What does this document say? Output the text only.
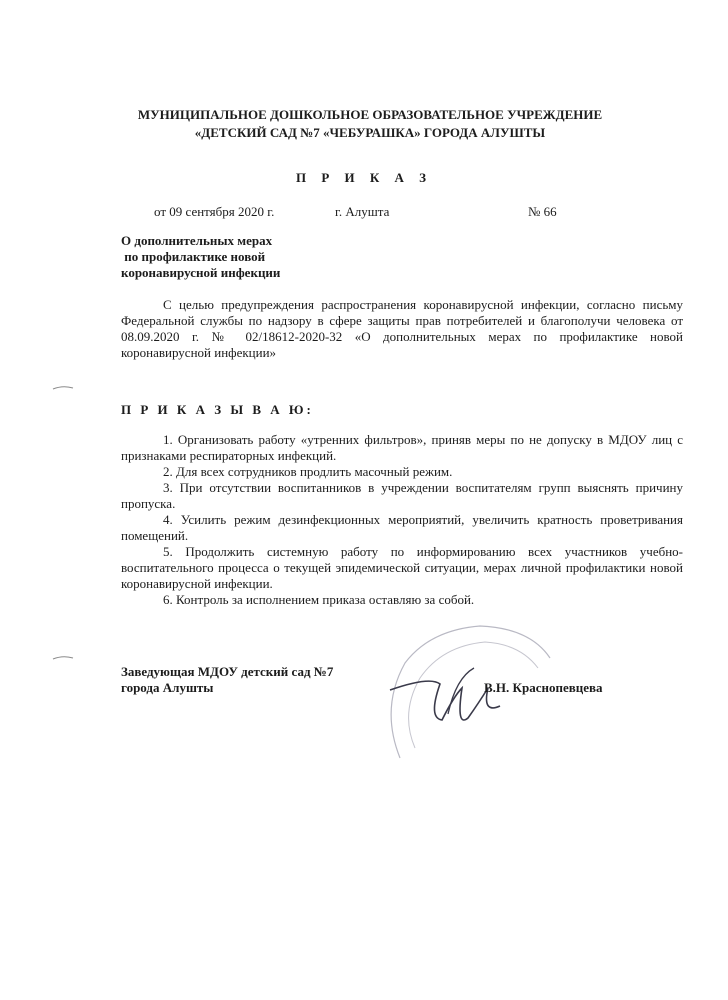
МУНИЦИПАЛЬНОЕ ДОШКОЛЬНОЕ ОБРАЗОВАТЕЛЬНОЕ УЧРЕЖДЕНИЕ
«ДЕТСКИЙ САД №7 «ЧЕБУРАШКА» ГОРОДА АЛУШТЫ
П Р И К А З
от 09 сентября 2020 г.	г. Алушта	№ 66
О дополнительных мерах
по профилактике новой
коронавирусной инфекции

С целью предупреждения распространения коронавирусной инфекции, согласно письму Федеральной службы по надзору в сфере защиты прав потребителей и благополучи человека от 08.09.2020 г. № 02/18612-2020-32 «О дополнительных мерах по профилактике новой коронавирусной инфекции»

П Р И К А З Ы В А Ю:

1. Организовать работу «утренних фильтров», приняв меры по не допуску в МДОУ лиц с признаками респираторных инфекций.

2. Для всех сотрудников продлить масочный режим.

3. При отсутствии воспитанников в учреждении воспитателям групп выяснять причину пропуска.

4. Усилить режим дезинфекционных мероприятий, увеличить кратность проветривания помещений.

5. Продолжить системную работу по информированию всех участников учебно-воспитательного процесса о текущей эпидемической ситуации, мерах личной профилактики новой коронавирусной инфекции.

6. Контроль за исполнением приказа оставляю за собой.

Заведующая МДОУ детский сад №7
города Алушты	В.Н. Краснопевцева
